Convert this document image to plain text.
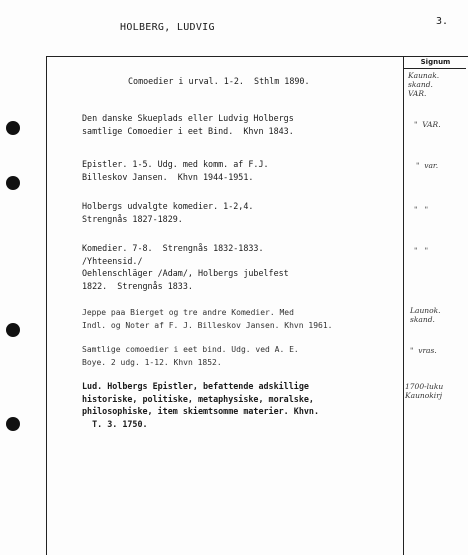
HOLBERG, LUDVIG
3.
Signum
Comoedier i urval. 1-2.  Sthlm 1890.
Kaunak.
skand.
VAR.
Den danske Skueplads eller Ludvig Holbergs
samtlige Comoedier i eet Bind.  Khvn 1843.
"  VAR.
Epistler. 1-5. Udg. med komm. af F.J.
Billeskov Jansen.  Khvn 1944-1951.
"  var.
Holbergs udvalgte komedier. 1-2,4.
Strengnås 1827-1829.
"   "
Komedier. 7-8.  Strengnås 1832-1833.
/Yhteensid./
Oehlenschläger /Adam/, Holbergs jubelfest
1822.  Strengnås 1833.
"   "
Jeppe paa Bierget og tre andre Komedier. Med
Indl. og Noter af F. J. Billeskov Jansen. Khvn 1961.
Launok.
skand.
Samtlige comoedier i eet bind. Udg. ved A. E.
Boye. 2 udg. 1-12. Khvn 1852.
"  vras.
Lud. Holbergs Epistler, befattende adskillige
historiske, politiske, metaphysiske, moralske,
philosophiske, item skiemtsomme materier. Khvn.
T. 3. 1750.
1700-luku
Kaunokirj
